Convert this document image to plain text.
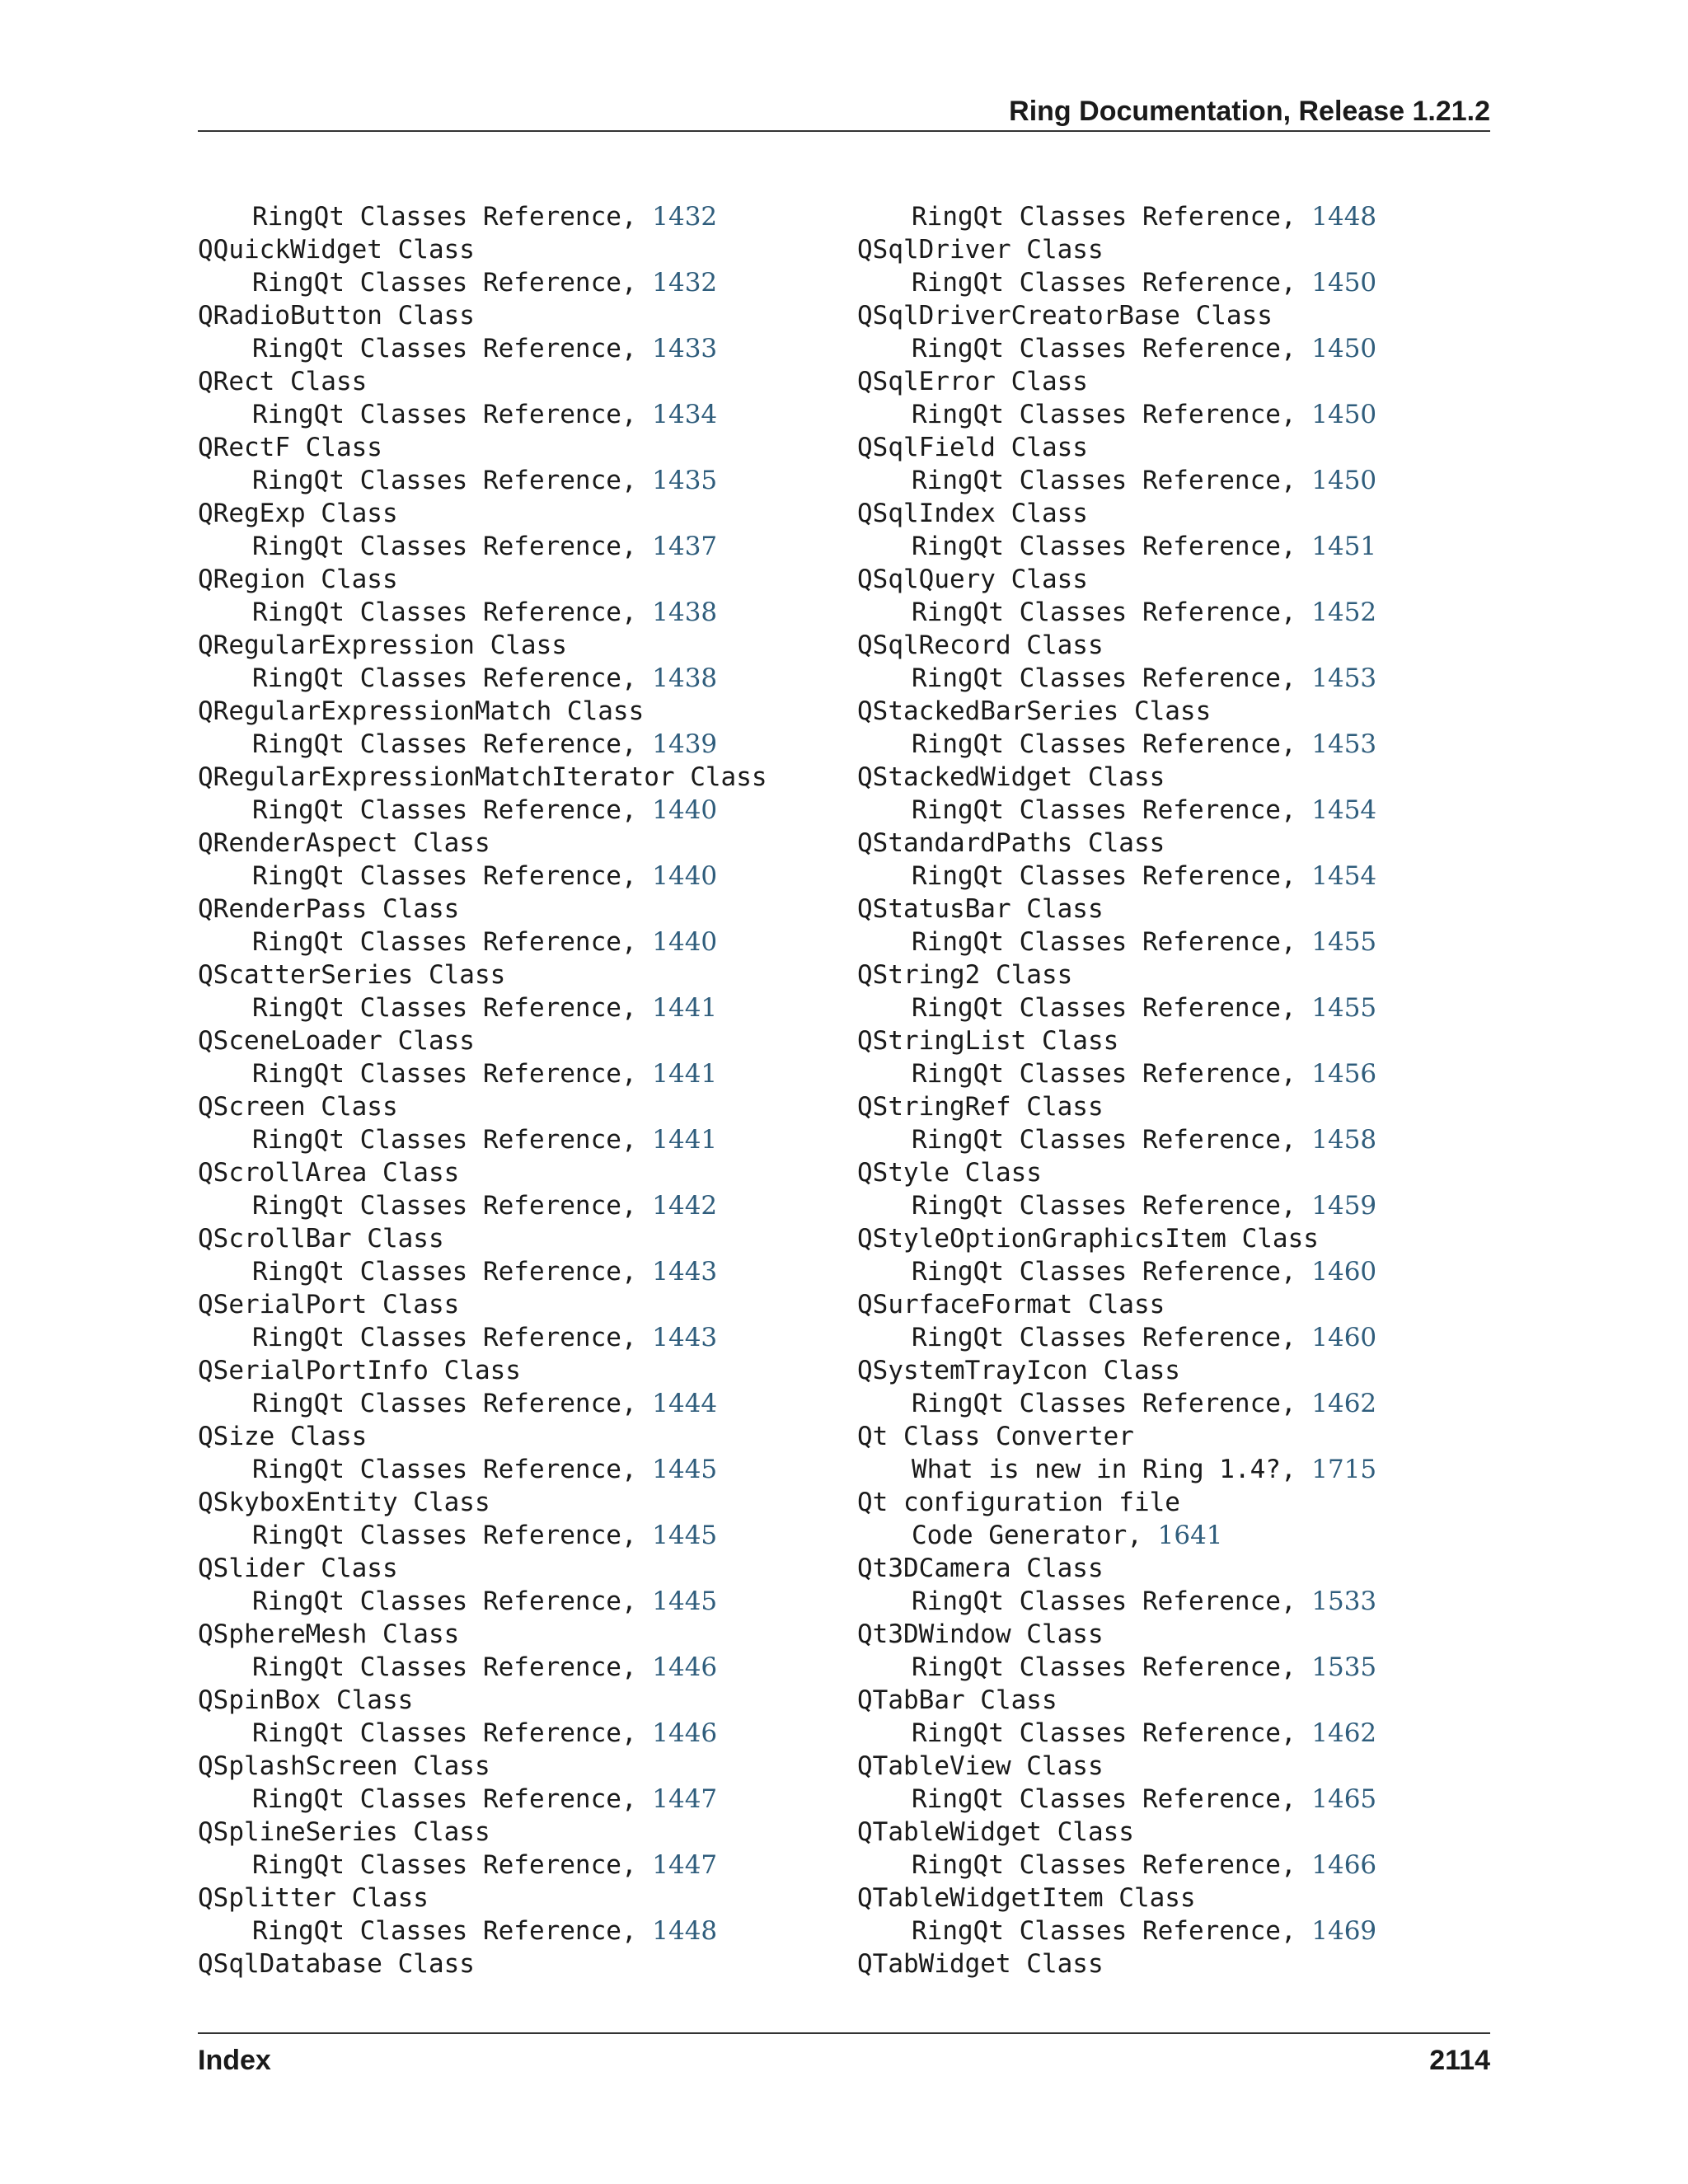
Ring Documentation, Release 1.21.2
RingQt Classes Reference, 1432
QQuickWidget Class
RingQt Classes Reference, 1432
QRadioButton Class
RingQt Classes Reference, 1433
QRect Class
RingQt Classes Reference, 1434
QRectF Class
RingQt Classes Reference, 1435
QRegExp Class
RingQt Classes Reference, 1437
QRegion Class
RingQt Classes Reference, 1438
QRegularExpression Class
RingQt Classes Reference, 1438
QRegularExpressionMatch Class
RingQt Classes Reference, 1439
QRegularExpressionMatchIterator Class
RingQt Classes Reference, 1440
QRenderAspect Class
RingQt Classes Reference, 1440
QRenderPass Class
RingQt Classes Reference, 1440
QScatterSeries Class
RingQt Classes Reference, 1441
QSceneLoader Class
RingQt Classes Reference, 1441
QScreen Class
RingQt Classes Reference, 1441
QScrollArea Class
RingQt Classes Reference, 1442
QScrollBar Class
RingQt Classes Reference, 1443
QSerialPort Class
RingQt Classes Reference, 1443
QSerialPortInfo Class
RingQt Classes Reference, 1444
QSize Class
RingQt Classes Reference, 1445
QSkyboxEntity Class
RingQt Classes Reference, 1445
QSlider Class
RingQt Classes Reference, 1445
QSphereMesh Class
RingQt Classes Reference, 1446
QSpinBox Class
RingQt Classes Reference, 1446
QSplashScreen Class
RingQt Classes Reference, 1447
QSplineSeries Class
RingQt Classes Reference, 1447
QSplitter Class
RingQt Classes Reference, 1448
QSqlDatabase Class
RingQt Classes Reference, 1448
QSqlDriver Class
RingQt Classes Reference, 1450
QSqlDriverCreatorBase Class
RingQt Classes Reference, 1450
QSqlError Class
RingQt Classes Reference, 1450
QSqlField Class
RingQt Classes Reference, 1450
QSqlIndex Class
RingQt Classes Reference, 1451
QSqlQuery Class
RingQt Classes Reference, 1452
QSqlRecord Class
RingQt Classes Reference, 1453
QStackedBarSeries Class
RingQt Classes Reference, 1453
QStackedWidget Class
RingQt Classes Reference, 1454
QStandardPaths Class
RingQt Classes Reference, 1454
QStatusBar Class
RingQt Classes Reference, 1455
QString2 Class
RingQt Classes Reference, 1455
QStringList Class
RingQt Classes Reference, 1456
QStringRef Class
RingQt Classes Reference, 1458
QStyle Class
RingQt Classes Reference, 1459
QStyleOptionGraphicsItem Class
RingQt Classes Reference, 1460
QSurfaceFormat Class
RingQt Classes Reference, 1460
QSystemTrayIcon Class
RingQt Classes Reference, 1462
Qt Class Converter
What is new in Ring 1.4?, 1715
Qt configuration file
Code Generator, 1641
Qt3DCamera Class
RingQt Classes Reference, 1533
Qt3DWindow Class
RingQt Classes Reference, 1535
QTabBar Class
RingQt Classes Reference, 1462
QTableView Class
RingQt Classes Reference, 1465
QTableWidget Class
RingQt Classes Reference, 1466
QTableWidgetItem Class
RingQt Classes Reference, 1469
QTabWidget Class
Index	2114
